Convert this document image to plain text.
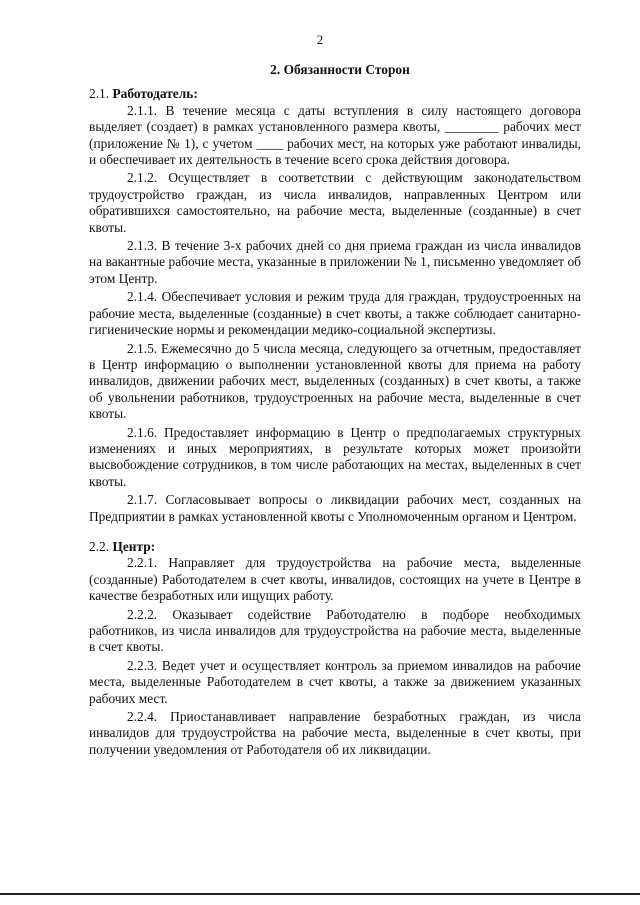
2

2. Обязанности Сторон

2.1. Работодатель:

2.1.1. В течение месяца с даты вступления в силу настоящего договора выделяет (создает) в рамках установленного размера квоты, ________ рабочих мест (приложение № 1), с учетом ____ рабочих мест, на которых уже работают инвалиды, и обеспечивает их деятельность в течение всего срока действия договора.

2.1.2. Осуществляет в соответствии с действующим законодательством трудоустройство граждан, из числа инвалидов, направленных Центром или обратившихся самостоятельно, на рабочие места, выделенные (созданные) в счет квоты.

2.1.3. В течение 3-х рабочих дней со дня приема граждан из числа инвалидов на вакантные рабочие места, указанные в приложении № 1, письменно уведомляет об этом Центр.

2.1.4. Обеспечивает условия и режим труда для граждан, трудоустроенных на рабочие места, выделенные (созданные) в счет квоты, а также соблюдает санитарно-гигиенические нормы и рекомендации медико-социальной экспертизы.

2.1.5. Ежемесячно до 5 числа месяца, следующего за отчетным, предоставляет в Центр информацию о выполнении установленной квоты для приема на работу инвалидов, движении рабочих мест, выделенных (созданных) в счет квоты, а также об увольнении работников, трудоустроенных на рабочие места, выделенные в счет квоты.

2.1.6. Предоставляет информацию в Центр о предполагаемых структурных изменениях и иных мероприятиях, в результате которых может произойти высвобождение сотрудников, в том числе работающих на местах, выделенных в счет квоты.

2.1.7. Согласовывает вопросы о ликвидации рабочих мест, созданных на Предприятии в рамках установленной квоты с Уполномоченным органом и Центром.

2.2. Центр:

2.2.1. Направляет для трудоустройства на рабочие места, выделенные (созданные) Работодателем в счет квоты, инвалидов, состоящих на учете в Центре в качестве безработных или ищущих работу.

2.2.2. Оказывает содействие Работодателю в подборе необходимых работников, из числа инвалидов для трудоустройства на рабочие места, выделенные в счет квоты.

2.2.3. Ведет учет и осуществляет контроль за приемом инвалидов на рабочие места, выделенные Работодателем в счет квоты, а также за движением указанных рабочих мест.

2.2.4. Приостанавливает направление безработных граждан, из числа инвалидов для трудоустройства на рабочие места, выделенные в счет квоты, при получении уведомления от Работодателя об их ликвидации.
